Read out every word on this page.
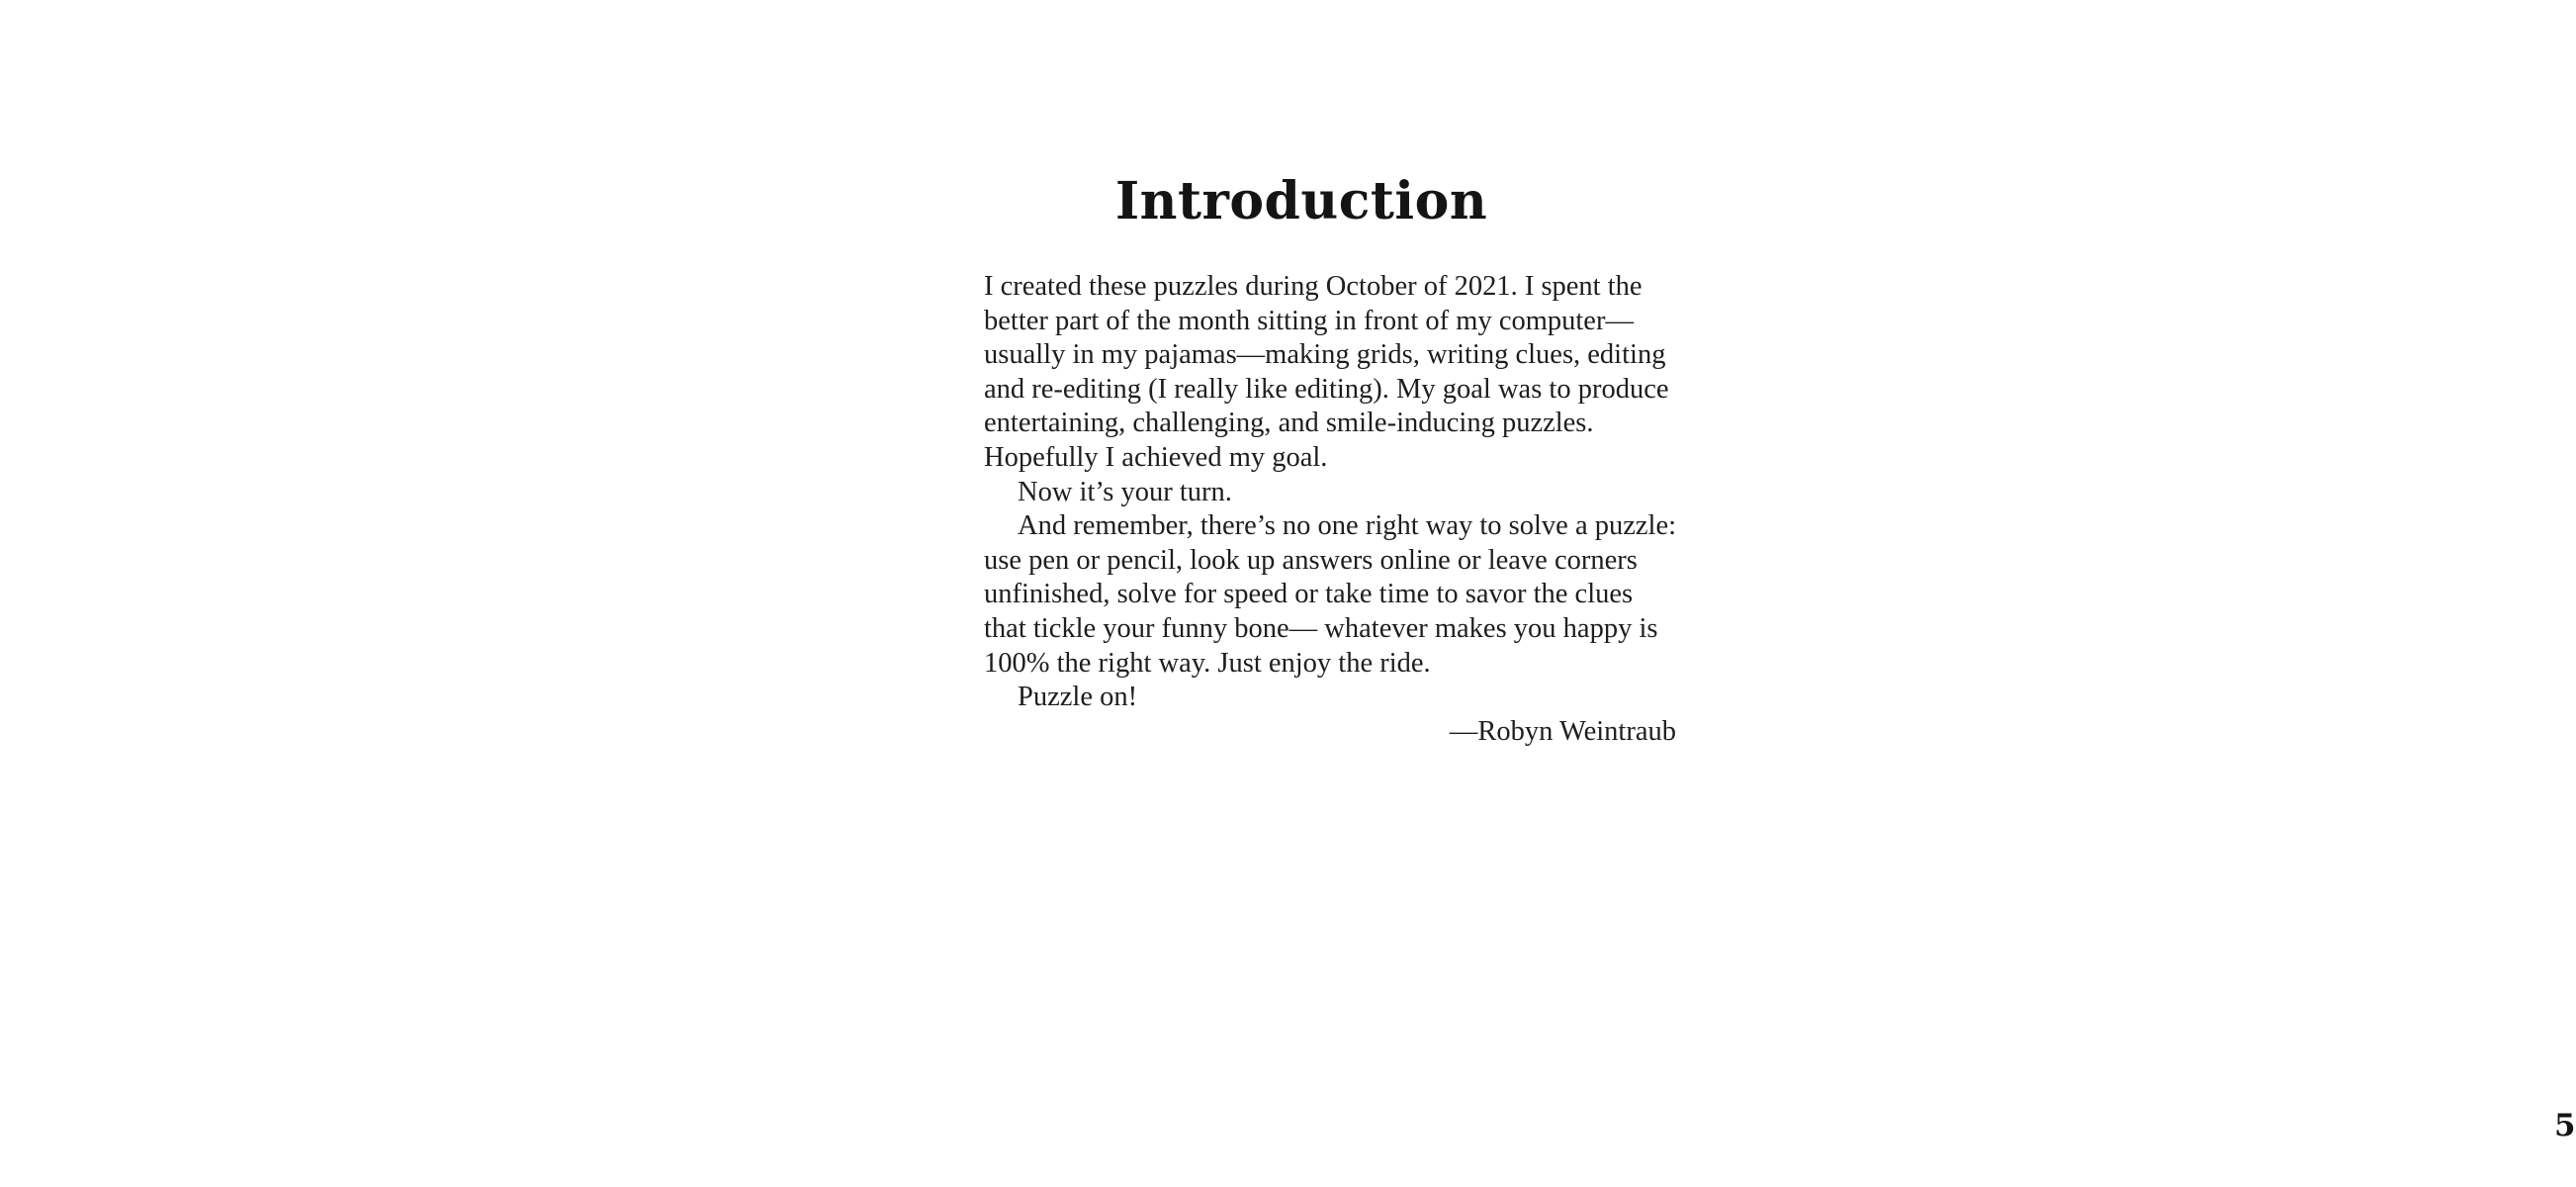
Introduction

I created these puzzles during October of 2021. I spent the better part of the month sitting in front of my computer—usually in my pajamas—making grids, writing clues, editing and re-editing (I really like editing). My goal was to produce entertaining, challenging, and smile-inducing puzzles. Hopefully I achieved my goal.

Now it’s your turn.

And remember, there’s no one right way to solve a puzzle: use pen or pencil, look up answers online or leave corners unfinished, solve for speed or take time to savor the clues that tickle your funny bone— whatever makes you happy is 100% the right way. Just enjoy the ride.

Puzzle on!

—Robyn Weintraub

5
